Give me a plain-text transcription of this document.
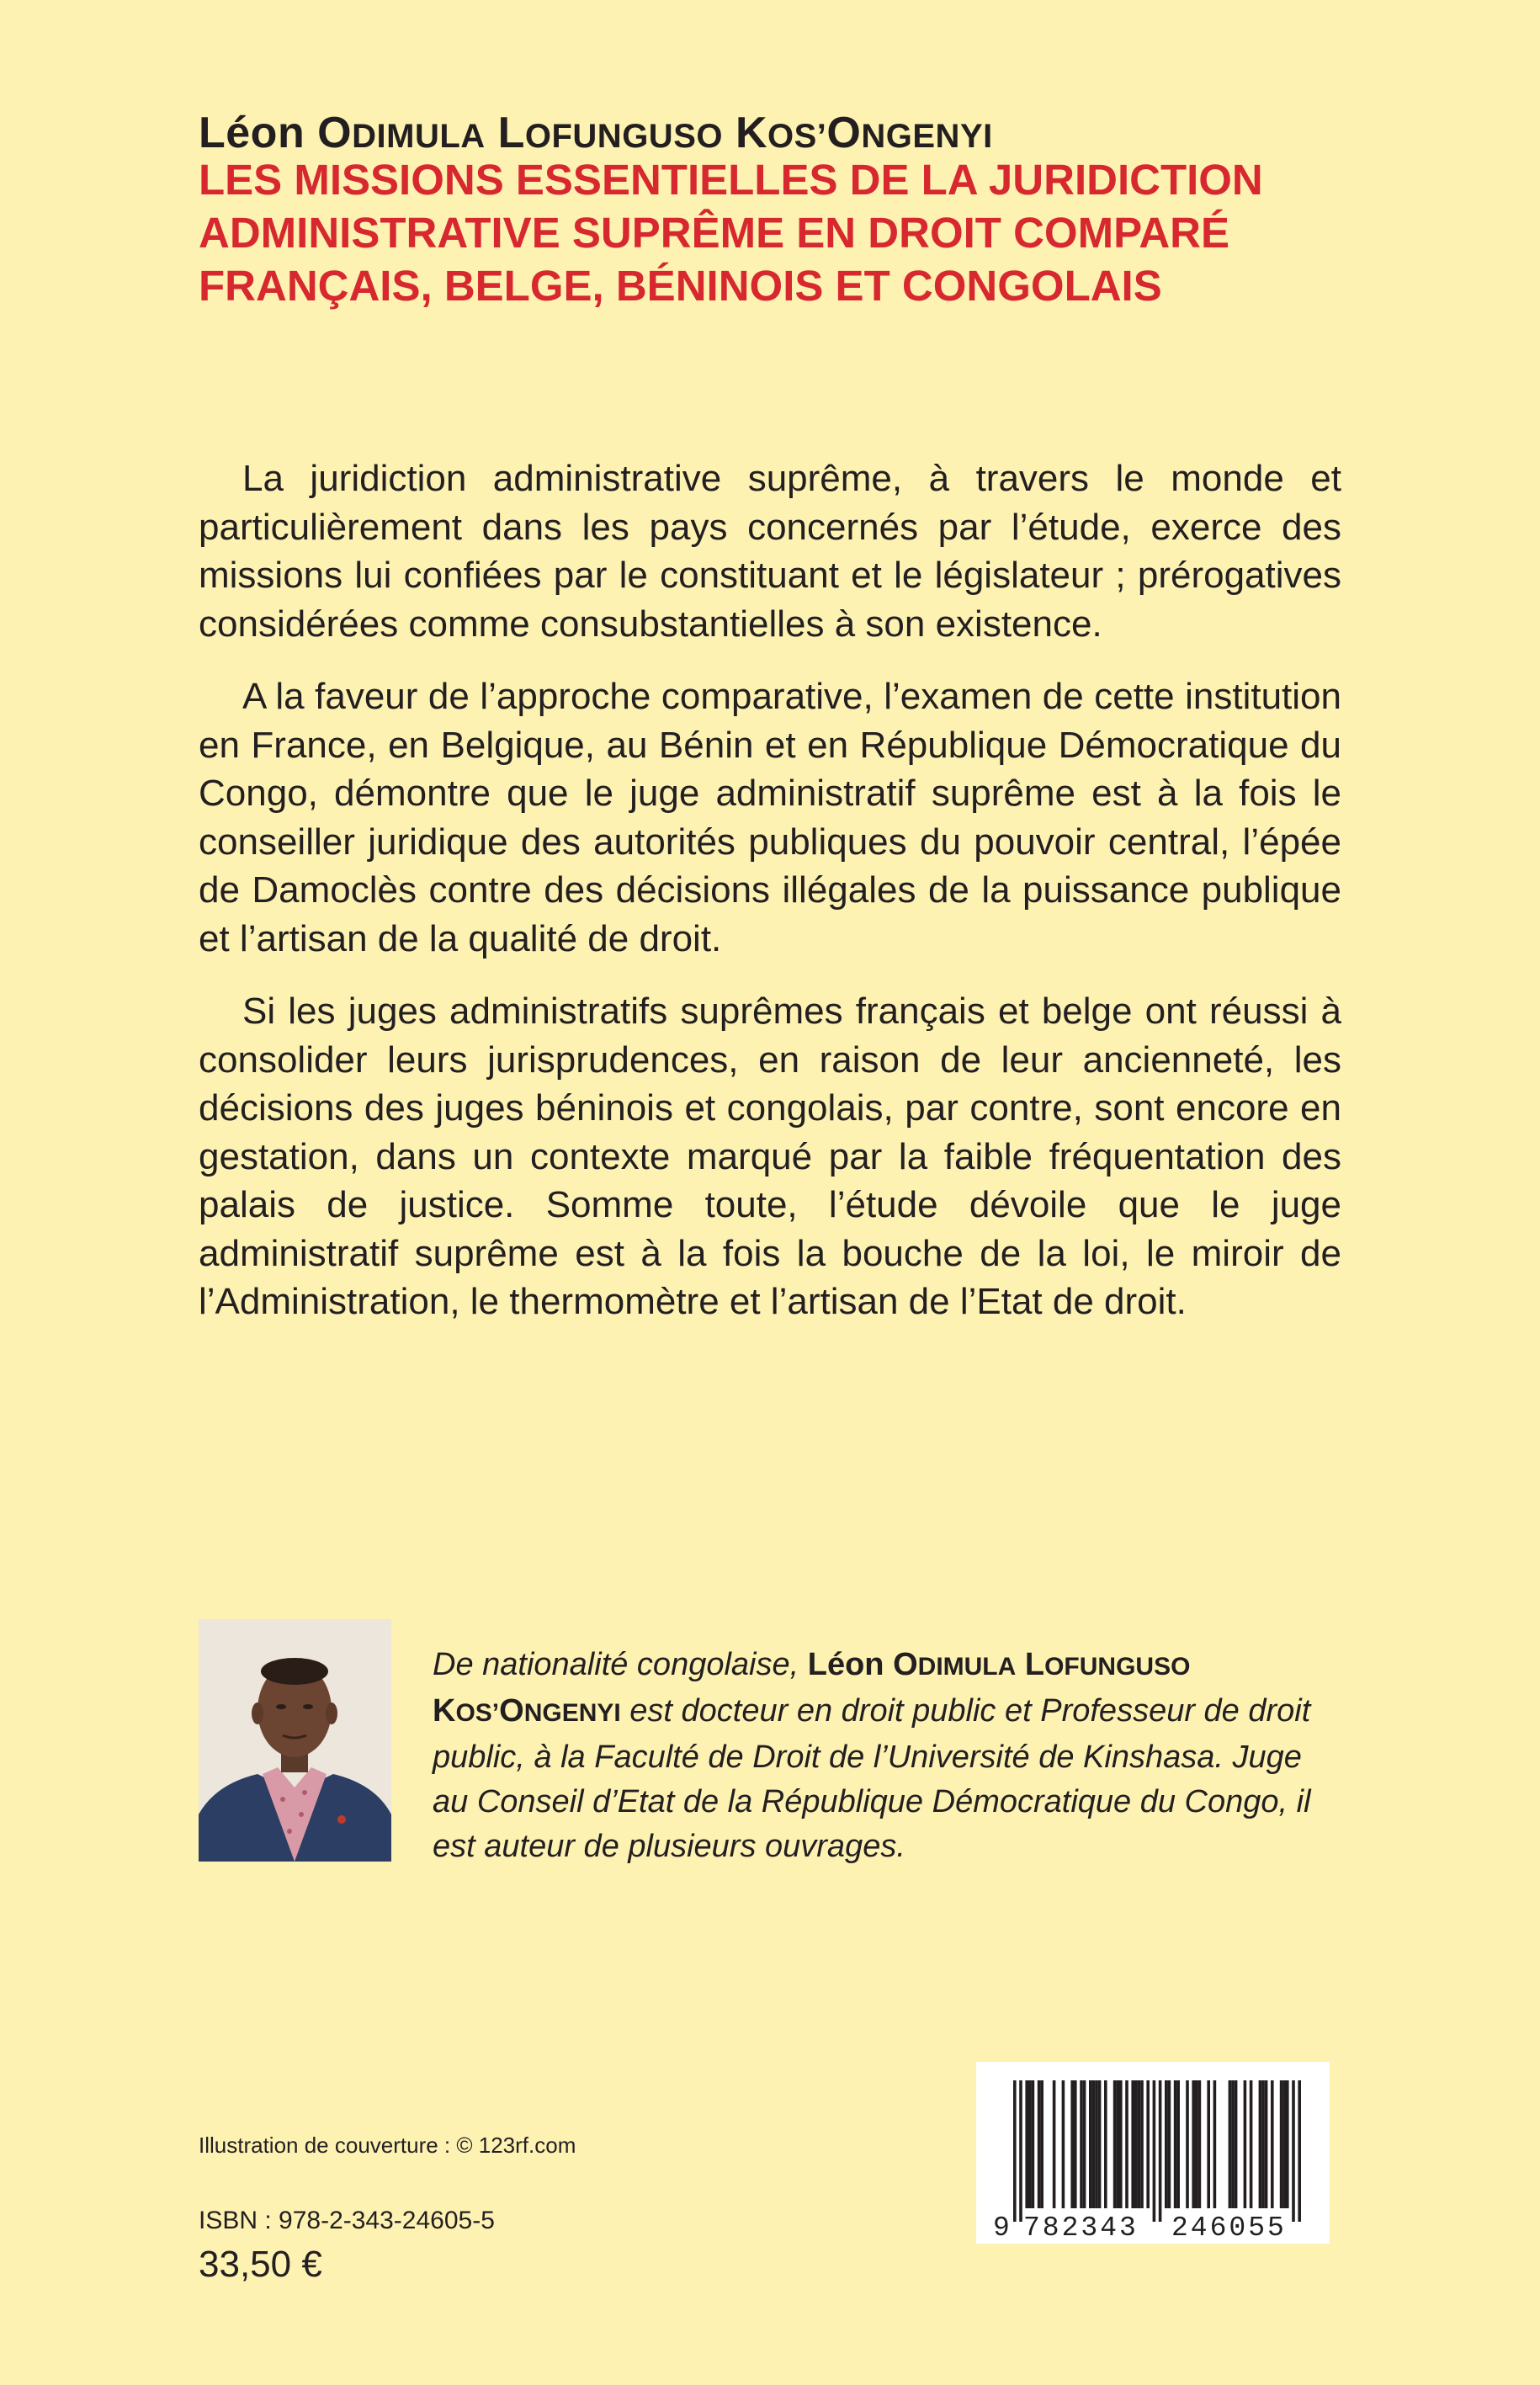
Léon ODIMULA LOFUNGUSO KOS’ONGENYI
LES MISSIONS ESSENTIELLES DE LA JURIDICTION
ADMINISTRATIVE SUPRÊME EN DROIT COMPARÉ
FRANÇAIS, BELGE, BÉNINOIS ET CONGOLAIS

La juridiction administrative suprême, à travers le monde et particulièrement dans les pays concernés par l’étude, exerce des missions lui confiées par le constituant et le législateur ; prérogatives considérées comme consubstantielles à son existence.

A la faveur de l’approche comparative, l’examen de cette institution en France, en Belgique, au Bénin et en République Démocratique du Congo, démontre que le juge administratif suprême est à la fois le conseiller juridique des autorités publiques du pouvoir central, l’épée de Damoclès contre des décisions illégales de la puissance publique et l’artisan de la qualité de droit.

Si les juges administratifs suprêmes français et belge ont réussi à consolider leurs jurisprudences, en raison de leur ancienneté, les décisions des juges béninois et congolais, par contre, sont encore en gestation, dans un contexte marqué par la faible fréquentation des palais de justice. Somme toute, l’étude dévoile que le juge administratif suprême est à la fois la bouche de la loi, le miroir de l’Administration, le thermomètre et l’artisan de l’Etat de droit.

De nationalité congolaise, Léon ODIMULA LOFUNGUSO KOS’ONGENYI est docteur en droit public et Professeur de droit public, à la Faculté de Droit de l’Université de Kinshasa. Juge au Conseil d’Etat de la République Démocratique du Congo, il est auteur de plusieurs ouvrages.

Illustration de couverture : © 123rf.com

ISBN : 978-2-343-24605-5

33,50 €

9 782343 246055
